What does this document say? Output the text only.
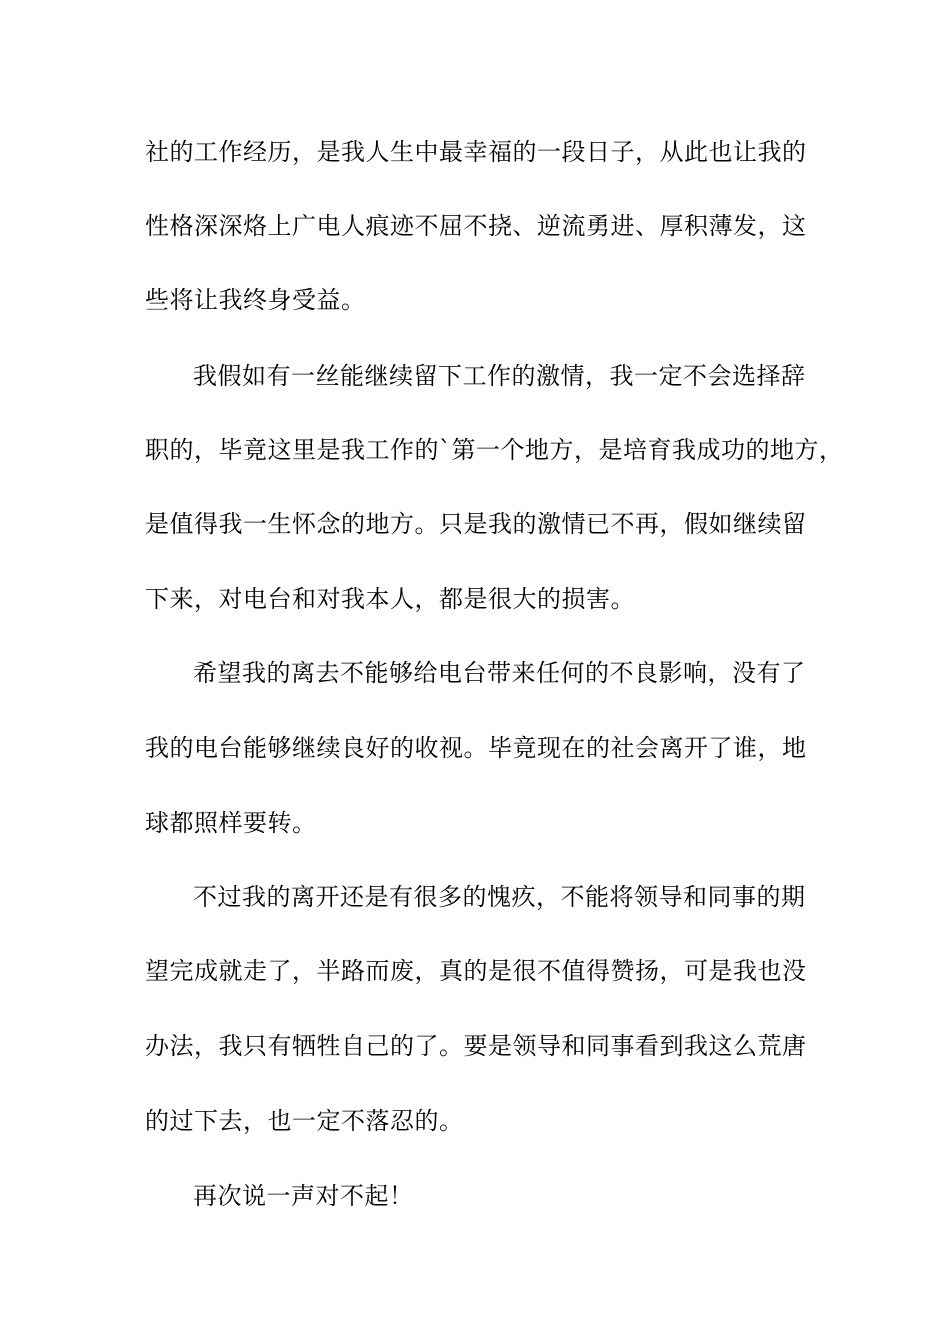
社的工作经历，是我人生中最幸福的一段日子，从此也让我的
性格深深烙上广电人痕迹不屈不挠、逆流勇进、厚积薄发，这
些将让我终身受益。
我假如有一丝能继续留下工作的激情，我一定不会选择辞
职的，毕竟这里是我工作的`第一个地方，是培育我成功的地方，
是值得我一生怀念的地方。只是我的激情已不再，假如继续留
下来，对电台和对我本人，都是很大的损害。
希望我的离去不能够给电台带来任何的不良影响，没有了
我的电台能够继续良好的收视。毕竟现在的社会离开了谁，地
球都照样要转。
不过我的离开还是有很多的愧疚，不能将领导和同事的期
望完成就走了，半路而废，真的是很不值得赞扬，可是我也没
办法，我只有牺牲自己的了。要是领导和同事看到我这么荒唐
的过下去，也一定不落忍的。
再次说一声对不起！
